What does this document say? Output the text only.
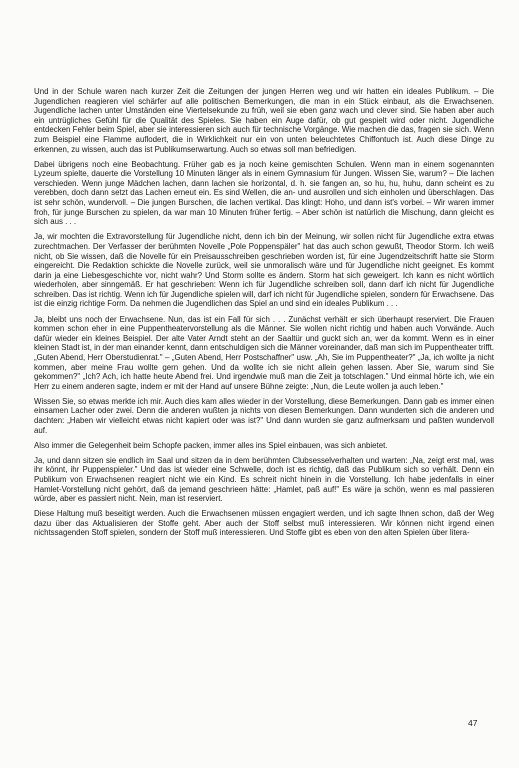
Und in der Schule waren nach kurzer Zeit die Zeitungen der jungen Herren weg und wir hatten ein ideales Publikum. – Die Jugendlichen reagieren viel schärfer auf alle politischen Bemerkungen, die man in ein Stück einbaut, als die Erwachsenen. Jugendliche lachen unter Umständen eine Viertelsekunde zu früh, weil sie eben ganz wach und clever sind. Sie haben aber auch ein untrügliches Gefühl für die Qualität des Spieles. Sie haben ein Auge dafür, ob gut gespielt wird oder nicht. Jugendliche entdecken Fehler beim Spiel, aber sie interessieren sich auch für technische Vorgänge. Wie machen die das, fragen sie sich. Wenn zum Beispiel eine Flamme auflodert, die in Wirklichkeit nur ein von unten beleuchtetes Chiffontuch ist. Auch diese Dinge zu erkennen, zu wissen, auch das ist Publikumserwartung. Auch so etwas soll man befriedigen.

Dabei übrigens noch eine Beobachtung. Früher gab es ja noch keine gemischten Schulen. Wenn man in einem sogenannten Lyzeum spielte, dauerte die Vorstellung 10 Minuten länger als in einem Gymnasium für Jungen. Wissen Sie, warum? – Die lachen verschieden. Wenn junge Mädchen lachen, dann lachen sie horizontal, d. h. sie fangen an, so hu, hu, huhu, dann scheint es zu verebben, doch dann setzt das Lachen erneut ein. Es sind Wellen, die an- und ausrollen und sich einholen und überschlagen. Das ist sehr schön, wundervoll. – Die jungen Burschen, die lachen vertikal. Das klingt: Hoho, und dann ist's vorbei. – Wir waren immer froh, für junge Burschen zu spielen, da war man 10 Minuten früher fertig. – Aber schön ist natürlich die Mischung, dann gleicht es sich aus . . .

Ja, wir mochten die Extravorstellung für Jugendliche nicht, denn ich bin der Meinung, wir sollen nicht für Jugendliche extra etwas zurechtmachen. Der Verfasser der berühmten Novelle „Pole Poppenspäler" hat das auch schon gewußt, Theodor Storm. Ich weiß nicht, ob Sie wissen, daß die Novelle für ein Preisausschreiben geschrieben worden ist, für eine Jugendzeitschrift hatte sie Storm eingereicht. Die Redaktion schickte die Novelle zurück, weil sie unmoralisch wäre und für Jugendliche nicht geeignet. Es kommt darin ja eine Liebesgeschichte vor, nicht wahr? Und Storm sollte es ändern. Storm hat sich geweigert. Ich kann es nicht wörtlich wiederholen, aber sinngemäß. Er hat geschrieben: Wenn ich für Jugendliche schreiben soll, dann darf ich nicht für Jugendliche schreiben. Das ist richtig. Wenn ich für Jugendliche spielen will, darf ich nicht für Jugendliche spielen, sondern für Erwachsene. Das ist die einzig richtige Form. Da nehmen die Jugendlichen das Spiel an und sind ein ideales Publikum . . .

Ja, bleibt uns noch der Erwachsene. Nun, das ist ein Fall für sich . . . Zunächst verhält er sich überhaupt reserviert. Die Frauen kommen schon eher in eine Puppentheatervorstellung als die Männer. Sie wollen nicht richtig und haben auch Vorwände. Auch dafür wieder ein kleines Beispiel. Der alte Vater Arndt steht an der Saaltür und guckt sich an, wer da kommt. Wenn es in einer kleinen Stadt ist, in der man einander kennt, dann entschuldigen sich die Männer voreinander, daß man sich im Puppentheater trifft. „Guten Abend, Herr Oberstudienrat." – „Guten Abend, Herr Postschaffner" usw. „Ah, Sie im Puppentheater?" „Ja, ich wollte ja nicht kommen, aber meine Frau wollte gern gehen. Und da wollte ich sie nicht allein gehen lassen. Aber Sie, warum sind Sie gekommen?" „Ich? Ach, ich hatte heute Abend frei. Und irgendwie muß man die Zeit ja totschlagen." Und einmal hörte ich, wie ein Herr zu einem anderen sagte, indem er mit der Hand auf unsere Bühne zeigte: „Nun, die Leute wollen ja auch leben."

Wissen Sie, so etwas merkte ich mir. Auch dies kam alles wieder in der Vorstellung, diese Bemerkungen. Dann gab es immer einen einsamen Lacher oder zwei. Denn die anderen wußten ja nichts von diesen Bemerkungen. Dann wunderten sich die anderen und dachten: „Haben wir vielleicht etwas nicht kapiert oder was ist?" Und dann wurden sie ganz aufmerksam und paßten wundervoll auf.

Also immer die Gelegenheit beim Schopfe packen, immer alles ins Spiel einbauen, was sich anbietet.

Ja, und dann sitzen sie endlich im Saal und sitzen da in dem berühmten Clubsesselverhalten und warten: „Na, zeigt erst mal, was ihr könnt, ihr Puppenspieler." Und das ist wieder eine Schwelle, doch ist es richtig, daß das Publikum sich so verhält. Denn ein Publikum von Erwachsenen reagiert nicht wie ein Kind. Es schreit nicht hinein in die Vorstellung. Ich habe jedenfalls in einer Hamlet-Vorstellung nicht gehört, daß da jemand geschrieen hätte: „Hamlet, paß auf!" Es wäre ja schön, wenn es mal passieren würde, aber es passiert nicht. Nein, man ist reserviert.

Diese Haltung muß beseitigt werden. Auch die Erwachsenen müssen engagiert werden, und ich sagte Ihnen schon, daß der Weg dazu über das Aktualisieren der Stoffe geht. Aber auch der Stoff selbst muß interessieren. Wir können nicht irgend einen nichtssagenden Stoff spielen, sondern der Stoff muß interessieren. Und Stoffe gibt es eben von den alten Spielen über litera-

47
